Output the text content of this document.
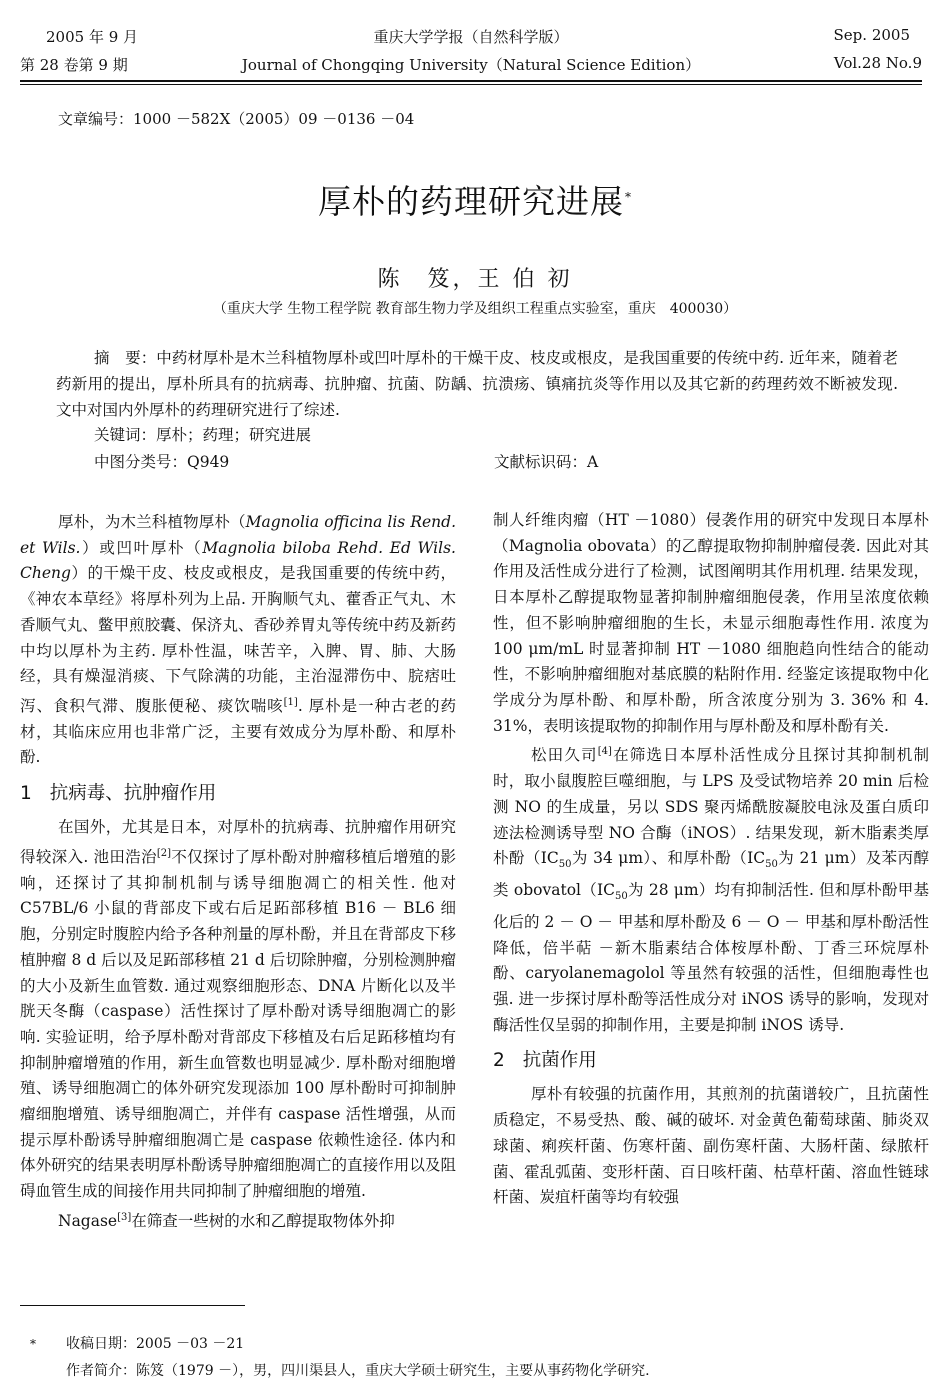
2005 年 9 月	重庆大学学报（自然科学版）	Sep. 2005
第 28 卷第 9 期	Journal of Chongqing University（Natural Science Edition）	Vol.28 No.9
文章编号：1000 －582X（2005）09 －0136 －04
厚朴的药理研究进展*
陈　笈，王 伯 初
（重庆大学 生物工程学院 教育部生物力学及组织工程重点实验室，重庆　400030）

摘　要：中药材厚朴是木兰科植物厚朴或凹叶厚朴的干燥干皮、枝皮或根皮，是我国重要的传统中药. 近年来，随着老药新用的提出，厚朴所具有的抗病毒、抗肿瘤、抗菌、防龋、抗溃疡、镇痛抗炎等作用以及其它新的药理药效不断被发现. 文中对国内外厚朴的药理研究进行了综述.

关键词：厚朴；药理；研究进展
中图分类号：Q949	文献标识码：A

厚朴，为木兰科植物厚朴（Magnolia officina lis Rend. et Wils.）或凹叶厚朴（Magnolia biloba Rehd. Ed Wils. Cheng）的干燥干皮、枝皮或根皮，是我国重要的传统中药，《神农本草经》将厚朴列为上品. 开胸顺气丸、藿香正气丸、木香顺气丸、鳖甲煎胶囊、保济丸、香砂养胃丸等传统中药及新药中均以厚朴为主药. 厚朴性温，味苦辛，入脾、胃、肺、大肠经，具有燥湿消痰、下气除满的功能，主治湿滞伤中、脘痞吐泻、食积气滞、腹胀便秘、痰饮喘咳[1]. 厚朴是一种古老的药材，其临床应用也非常广泛，主要有效成分为厚朴酚、和厚朴酚.

1 抗病毒、抗肿瘤作用

在国外，尤其是日本，对厚朴的抗病毒、抗肿瘤作用研究得较深入. 池田浩治[2]不仅探讨了厚朴酚对肿瘤移植后增殖的影响，还探讨了其抑制机制与诱导细胞凋亡的相关性. 他对 C57BL/6 小鼠的背部皮下或右后足跖部移植 B16 － BL6 细胞，分别定时腹腔内给予各种剂量的厚朴酚，并且在背部皮下移植肿瘤 8 d 后以及足跖部移植 21 d 后切除肿瘤，分别检测肿瘤的大小及新生血管数. 通过观察细胞形态、DNA 片断化以及半胱天冬酶（caspase）活性探讨了厚朴酚对诱导细胞凋亡的影响. 实验证明，给予厚朴酚对背部皮下移植及右后足跖移植均有抑制肿瘤增殖的作用，新生血管数也明显减少. 厚朴酚对细胞增殖、诱导细胞凋亡的体外研究发现添加 100 厚朴酚时可抑制肿瘤细胞增殖、诱导细胞凋亡，并伴有 caspase 活性增强，从而提示厚朴酚诱导肿瘤细胞凋亡是 caspase 依赖性途径. 体内和体外研究的结果表明厚朴酚诱导肿瘤细胞凋亡的直接作用以及阻碍血管生成的间接作用共同抑制了肿瘤细胞的增殖.

Nagase[3]在筛查一些树的水和乙醇提取物体外抑

制人纤维肉瘤（HT －1080）侵袭作用的研究中发现日本厚朴（Magnolia obovata）的乙醇提取物抑制肿瘤侵袭. 因此对其作用及活性成分进行了检测，试图阐明其作用机理. 结果发现，日本厚朴乙醇提取物显著抑制肿瘤细胞侵袭，作用呈浓度依赖性，但不影响肿瘤细胞的生长，未显示细胞毒性作用. 浓度为 100 μm/mL 时显著抑制 HT －1080 细胞趋向性结合的能动性，不影响肿瘤细胞对基底膜的粘附作用. 经鉴定该提取物中化学成分为厚朴酚、和厚朴酚，所含浓度分别为 3. 36% 和 4. 31%，表明该提取物的抑制作用与厚朴酚及和厚朴酚有关.

松田久司[4]在筛选日本厚朴活性成分且探讨其抑制机制时，取小鼠腹腔巨噬细胞，与 LPS 及受试物培养 20 min 后检测 NO 的生成量，另以 SDS 聚丙烯酰胺凝胶电泳及蛋白质印迹法检测诱导型 NO 合酶（iNOS）. 结果发现，新木脂素类厚朴酚（$IC_{50}$为 34 μm）、和厚朴酚（$IC_{50}$为 21 μm）及苯丙醇类 $obovatol(IC_{50}$为 28 μm）均有抑制活性. 但和厚朴酚甲基化后的 2 － O － 甲基和厚朴酚及 6 － O － 甲基和厚朴酚活性降低，倍半萜 －新木脂素结合体桉厚朴酚、丁香三环烷厚朴酚、caryolanemagolol 等虽然有较强的活性，但细胞毒性也强. 进一步探讨厚朴酚等活性成分对 iNOS 诱导的影响，发现对酶活性仅呈弱的抑制作用，主要是抑制 iNOS 诱导.

2 抗菌作用

厚朴有较强的抗菌作用，其煎剂的抗菌谱较广，且抗菌性质稳定，不易受热、酸、碱的破坏. 对金黄色葡萄球菌、肺炎双球菌、痢疾杆菌、伤寒杆菌、副伤寒杆菌、大肠杆菌、绿脓杆菌、霍乱弧菌、变形杆菌、百日咳杆菌、枯草杆菌、溶血性链球杆菌、炭疽杆菌等均有较强

* 收稿日期：2005 －03 －21
作者简介：陈笈（1979 －），男，四川渠县人，重庆大学硕士研究生，主要从事药物化学研究.
